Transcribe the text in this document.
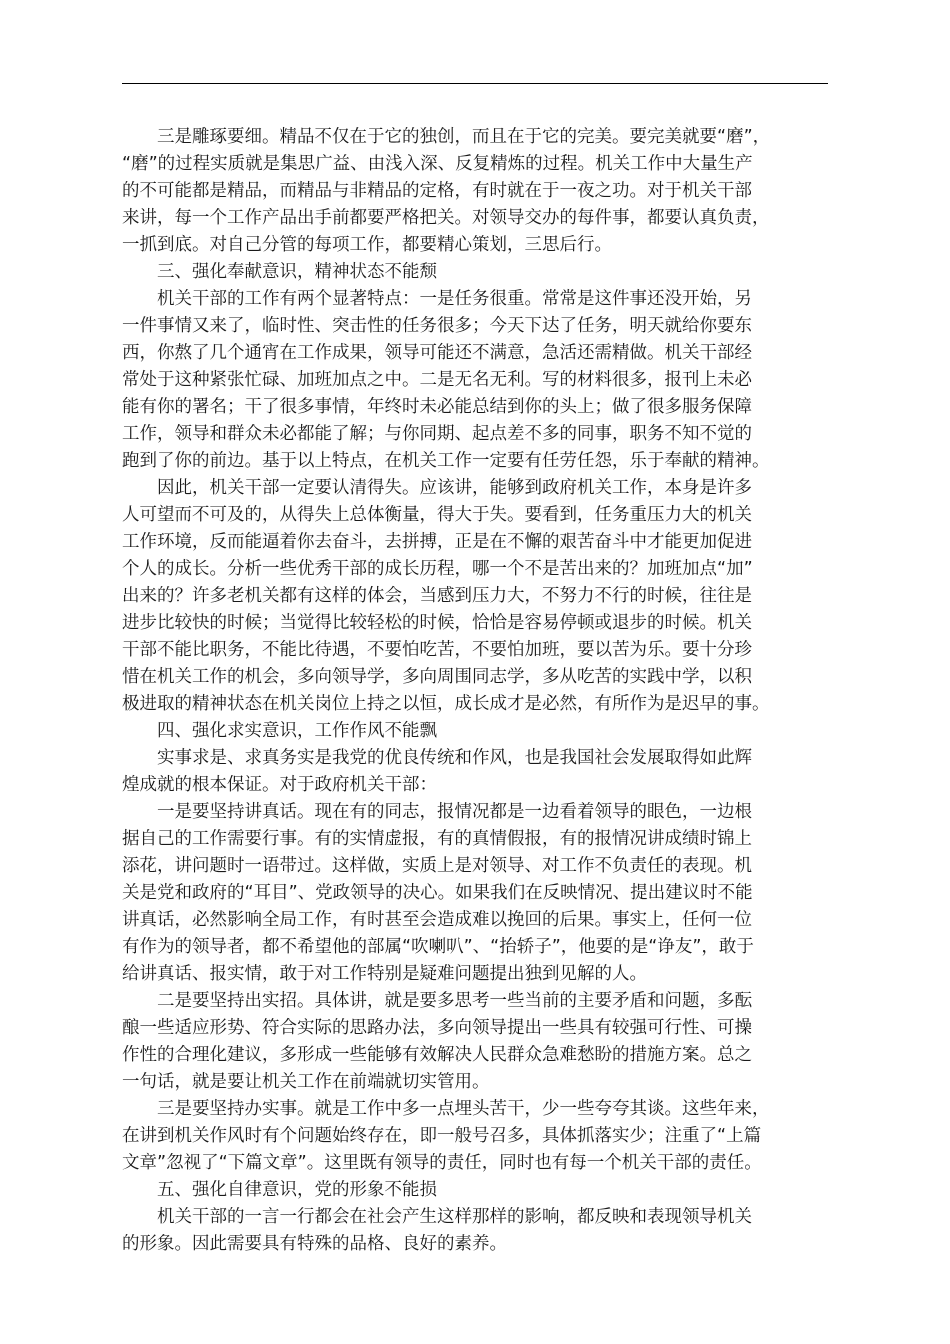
三是雕琢要细。精品不仅在于它的独创，而且在于它的完美。要完美就要“磨”，
“磨”的过程实质就是集思广益、由浅入深、反复精炼的过程。机关工作中大量生产
的不可能都是精品，而精品与非精品的定格，有时就在于一夜之功。对于机关干部
来讲，每一个工作产品出手前都要严格把关。对领导交办的每件事，都要认真负责，
一抓到底。对自己分管的每项工作，都要精心策划，三思后行。

三、强化奉献意识，精神状态不能颓

机关干部的工作有两个显著特点：一是任务很重。常常是这件事还没开始，另
一件事情又来了，临时性、突击性的任务很多；今天下达了任务，明天就给你要东
西，你熬了几个通宵在工作成果，领导可能还不满意，急活还需精做。机关干部经
常处于这种紧张忙碌、加班加点之中。二是无名无利。写的材料很多，报刊上未必
能有你的署名；干了很多事情，年终时未必能总结到你的头上；做了很多服务保障
工作，领导和群众未必都能了解；与你同期、起点差不多的同事，职务不知不觉的
跑到了你的前边。基于以上特点，在机关工作一定要有任劳任怨，乐于奉献的精神。

因此，机关干部一定要认清得失。应该讲，能够到政府机关工作，本身是许多
人可望而不可及的，从得失上总体衡量，得大于失。要看到，任务重压力大的机关
工作环境，反而能逼着你去奋斗，去拼搏，正是在不懈的艰苦奋斗中才能更加促进
个人的成长。分析一些优秀干部的成长历程，哪一个不是苦出来的？加班加点“加”
出来的？许多老机关都有这样的体会，当感到压力大，不努力不行的时候，往往是
进步比较快的时候；当觉得比较轻松的时候，恰恰是容易停顿或退步的时候。机关
干部不能比职务，不能比待遇，不要怕吃苦，不要怕加班，要以苦为乐。要十分珍
惜在机关工作的机会，多向领导学，多向周围同志学，多从吃苦的实践中学，以积
极进取的精神状态在机关岗位上持之以恒，成长成才是必然，有所作为是迟早的事。

四、强化求实意识，工作作风不能飘

实事求是、求真务实是我党的优良传统和作风，也是我国社会发展取得如此辉
煌成就的根本保证。对于政府机关干部：

一是要坚持讲真话。现在有的同志，报情况都是一边看着领导的眼色，一边根
据自己的工作需要行事。有的实情虚报，有的真情假报，有的报情况讲成绩时锦上
添花，讲问题时一语带过。这样做，实质上是对领导、对工作不负责任的表现。机
关是党和政府的“耳目”、党政领导的决心。如果我们在反映情况、提出建议时不能
讲真话，必然影响全局工作，有时甚至会造成难以挽回的后果。事实上，任何一位
有作为的领导者，都不希望他的部属“吹喇叭”、“抬轿子”，他要的是“诤友”，敢于
给讲真话、报实情，敢于对工作特别是疑难问题提出独到见解的人。

二是要坚持出实招。具体讲，就是要多思考一些当前的主要矛盾和问题，多酝
酿一些适应形势、符合实际的思路办法，多向领导提出一些具有较强可行性、可操
作性的合理化建议，多形成一些能够有效解决人民群众急难愁盼的措施方案。总之
一句话，就是要让机关工作在前端就切实管用。

三是要坚持办实事。就是工作中多一点埋头苦干，少一些夸夸其谈。这些年来，
在讲到机关作风时有个问题始终存在，即一般号召多，具体抓落实少；注重了“上篇
文章”忽视了“下篇文章”。这里既有领导的责任，同时也有每一个机关干部的责任。

五、强化自律意识，党的形象不能损

机关干部的一言一行都会在社会产生这样那样的影响，都反映和表现领导机关
的形象。因此需要具有特殊的品格、良好的素养。
